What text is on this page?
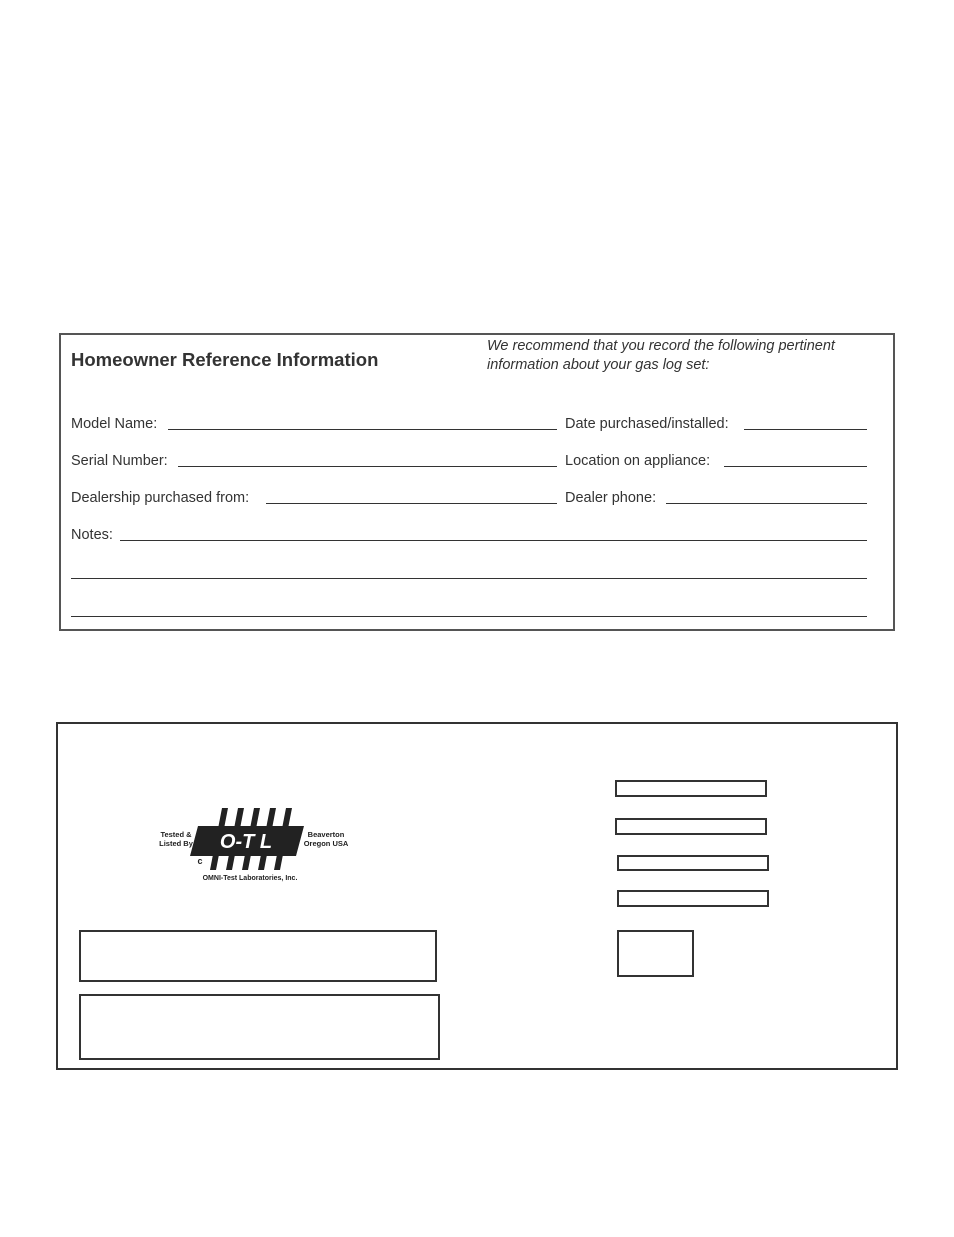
Homeowner Reference Information
We recommend that you record the following pertinent information about your gas log set:
Model Name:
Serial Number:
Dealership purchased from:
Notes:
Date purchased/installed:
Location on appliance:
Dealer phone:
Tested & Listed By
Beaverton Oregon USA
O-T L
c
OMNI-Test Laboratories, Inc.
